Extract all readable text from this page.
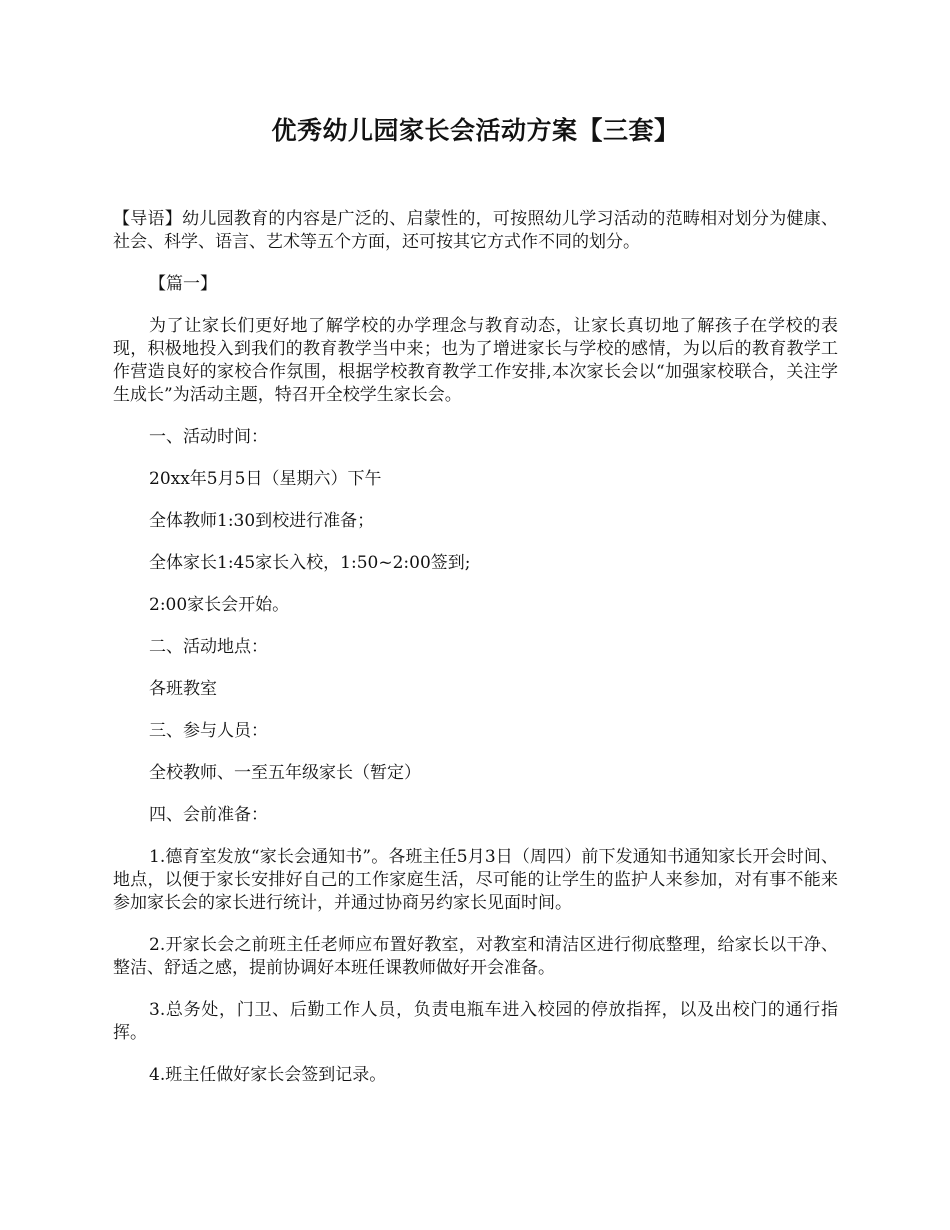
优秀幼儿园家长会活动方案【三套】

【导语】幼儿园教育的内容是广泛的、启蒙性的，可按照幼儿学习活动的范畴相对划分为健康、社会、科学、语言、艺术等五个方面，还可按其它方式作不同的划分。

【篇一】

为了让家长们更好地了解学校的办学理念与教育动态，让家长真切地了解孩子在学校的表现，积极地投入到我们的教育教学当中来；也为了增进家长与学校的感情，为以后的教育教学工作营造良好的家校合作氛围，根据学校教育教学工作安排,本次家长会以“加强家校联合，关注学生成长”为活动主题，特召开全校学生家长会。

一、活动时间：

20xx年5月5日（星期六）下午

全体教师1:30到校进行准备；

全体家长1:45家长入校，1:50~2:00签到;

2:00家长会开始。

二、活动地点：

各班教室

三、参与人员：

全校教师、一至五年级家长（暂定）

四、会前准备：

1.德育室发放“家长会通知书”。各班主任5月3日（周四）前下发通知书通知家长开会时间、地点，以便于家长安排好自己的工作家庭生活，尽可能的让学生的监护人来参加，对有事不能来参加家长会的家长进行统计，并通过协商另约家长见面时间。

2.开家长会之前班主任老师应布置好教室，对教室和清洁区进行彻底整理，给家长以干净、整洁、舒适之感，提前协调好本班任课教师做好开会准备。

3.总务处，门卫、后勤工作人员，负责电瓶车进入校园的停放指挥，以及出校门的通行指挥。

4.班主任做好家长会签到记录。
